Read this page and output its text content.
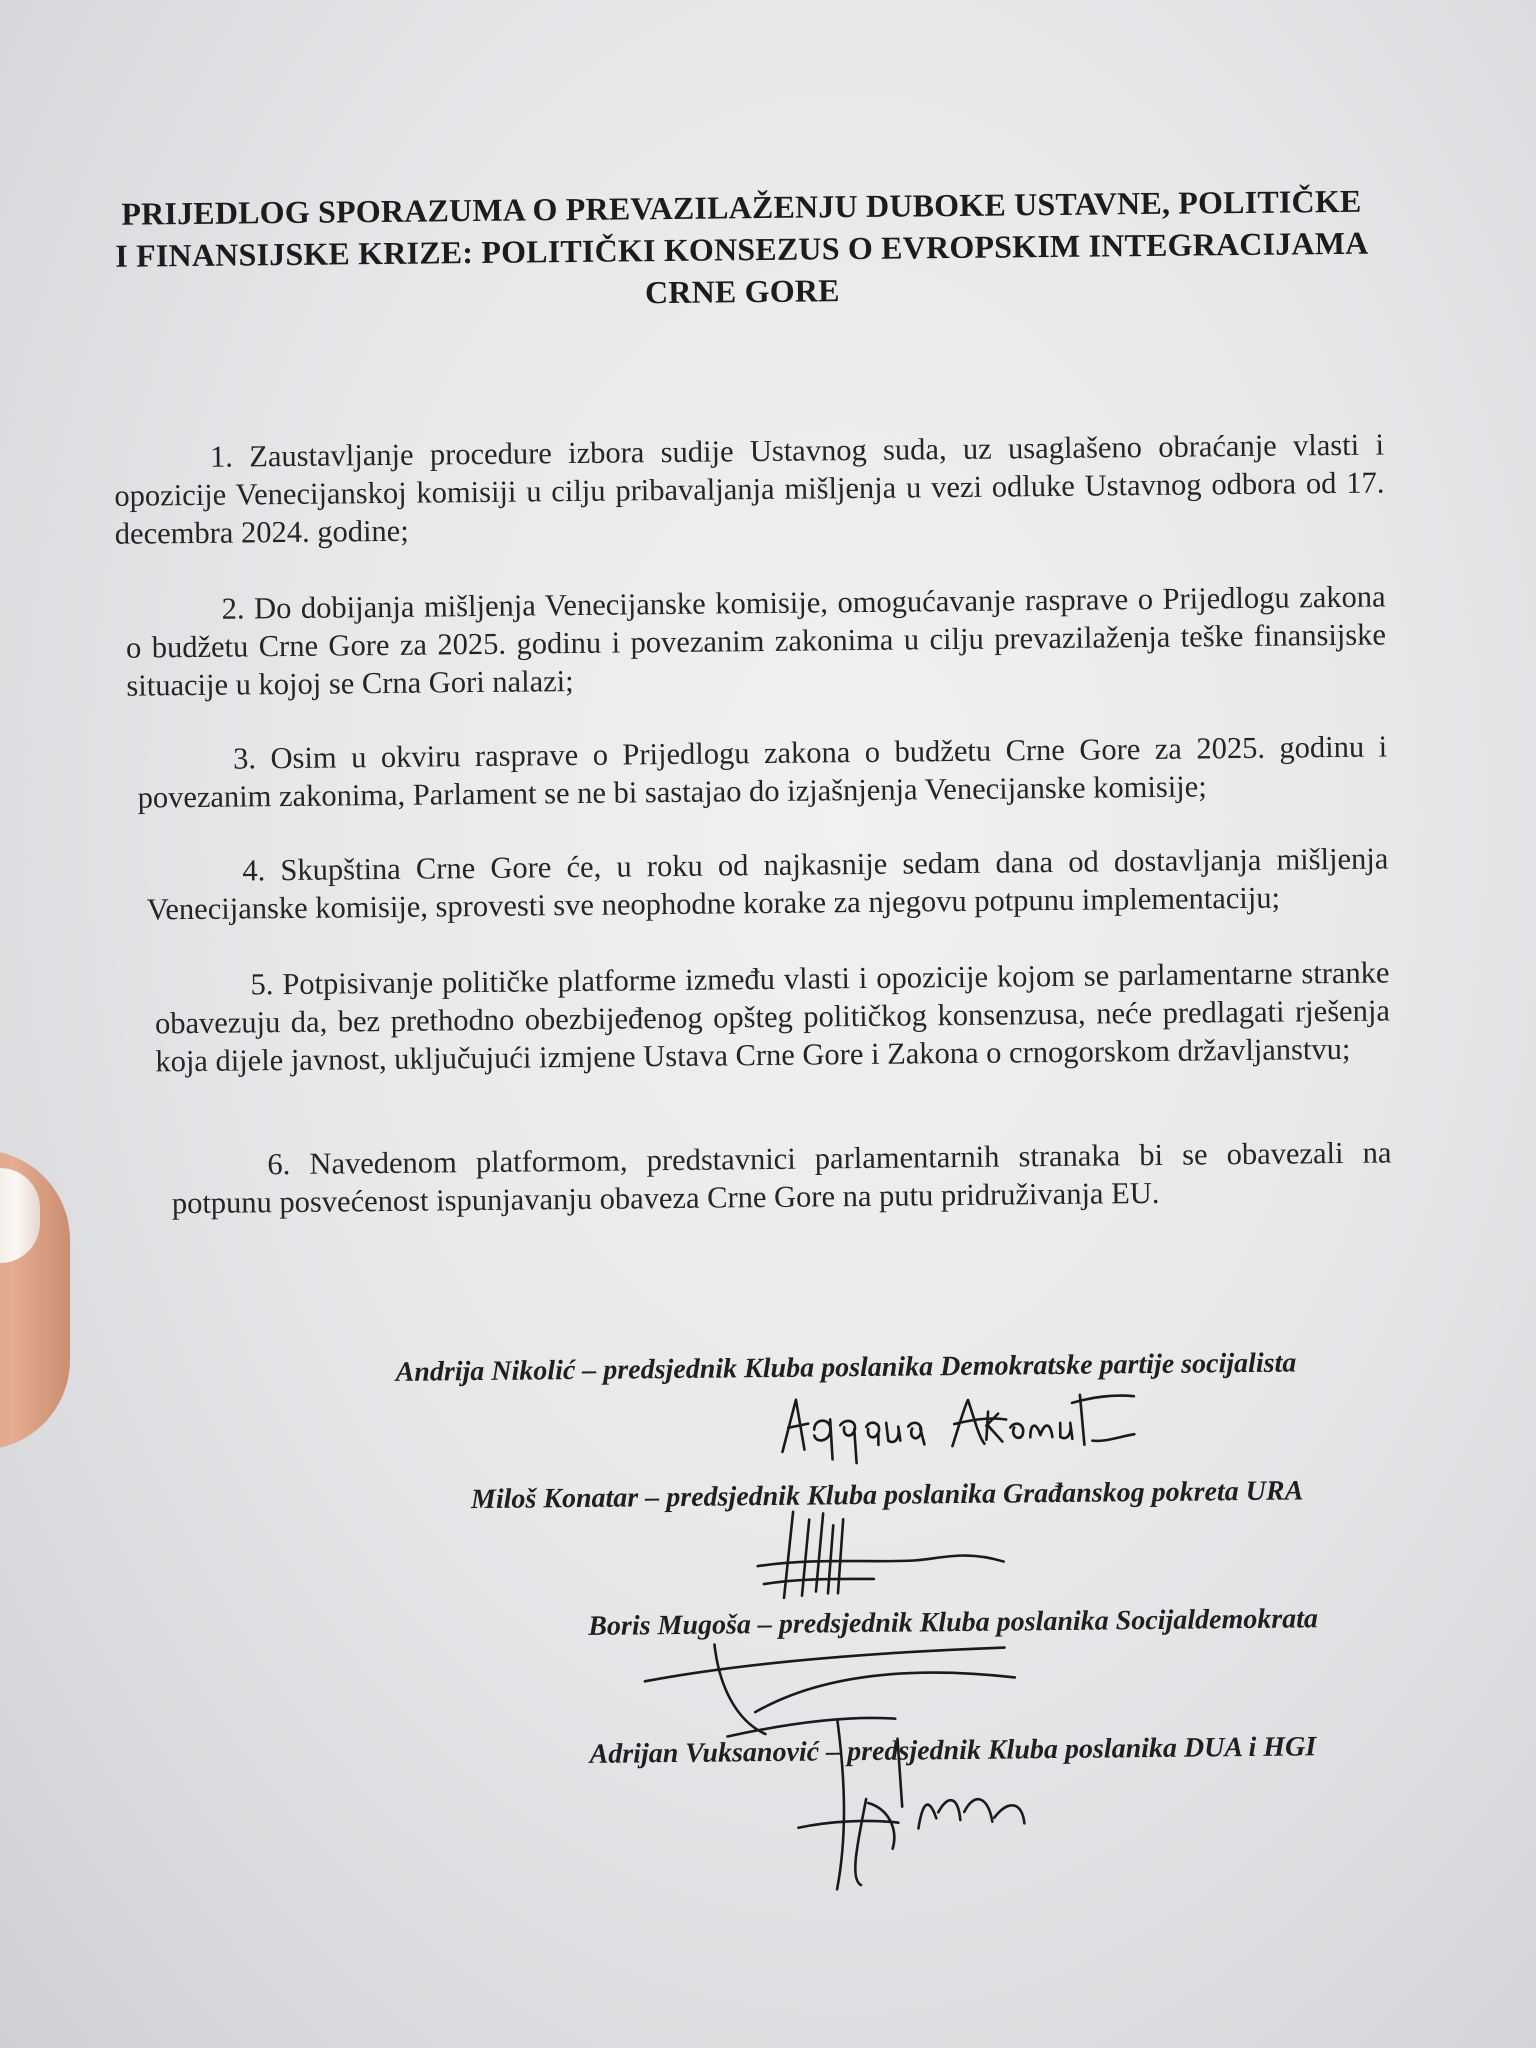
PRIJEDLOG SPORAZUMA O PREVAZILAŽENJU DUBOKE USTAVNE, POLITIČKE
I FINANSIJSKE KRIZE: POLITIČKI KONSEZUS O EVROPSKIM INTEGRACIJAMA
CRNE GORE

1. Zaustavljanje procedure izbora sudije Ustavnog suda, uz usaglašeno obraćanje vlasti i opozicije Venecijanskoj komisiji u cilju pribavaljanja mišljenja u vezi odluke Ustavnog odbora od 17. decembra 2024. godine;

2. Do dobijanja mišljenja Venecijanske komisije, omogućavanje rasprave o Prijedlogu zakona o budžetu Crne Gore za 2025. godinu i povezanim zakonima u cilju prevazilaženja teške finansijske situacije u kojoj se Crna Gori nalazi;

3. Osim u okviru rasprave o Prijedlogu zakona o budžetu Crne Gore za 2025. godinu i povezanim zakonima, Parlament se ne bi sastajao do izjašnjenja Venecijanske komisije;

4. Skupština Crne Gore će, u roku od najkasnije sedam dana od dostavljanja mišljenja Venecijanske komisije, sprovesti sve neophodne korake za njegovu potpunu implementaciju;

5. Potpisivanje političke platforme između vlasti i opozicije kojom se parlamentarne stranke obavezuju da, bez prethodno obezbijeđenog opšteg političkog konsenzusa, neće predlagati rješenja koja dijele javnost, uključujući izmjene Ustava Crne Gore i Zakona o crnogorskom državljanstvu;

6. Navedenom platformom, predstavnici parlamentarnih stranaka bi se obavezali na potpunu posvećenost ispunjavanju obaveza Crne Gore na putu pridruživanja EU.

Andrija Nikolić – predsjednik Kluba poslanika Demokratske partije socijalista
Miloš Konatar – predsjednik Kluba poslanika Građanskog pokreta URA
Boris Mugoša – predsjednik Kluba poslanika Socijaldemokrata
Adrijan Vuksanović – predsjednik Kluba poslanika DUA i HGI
